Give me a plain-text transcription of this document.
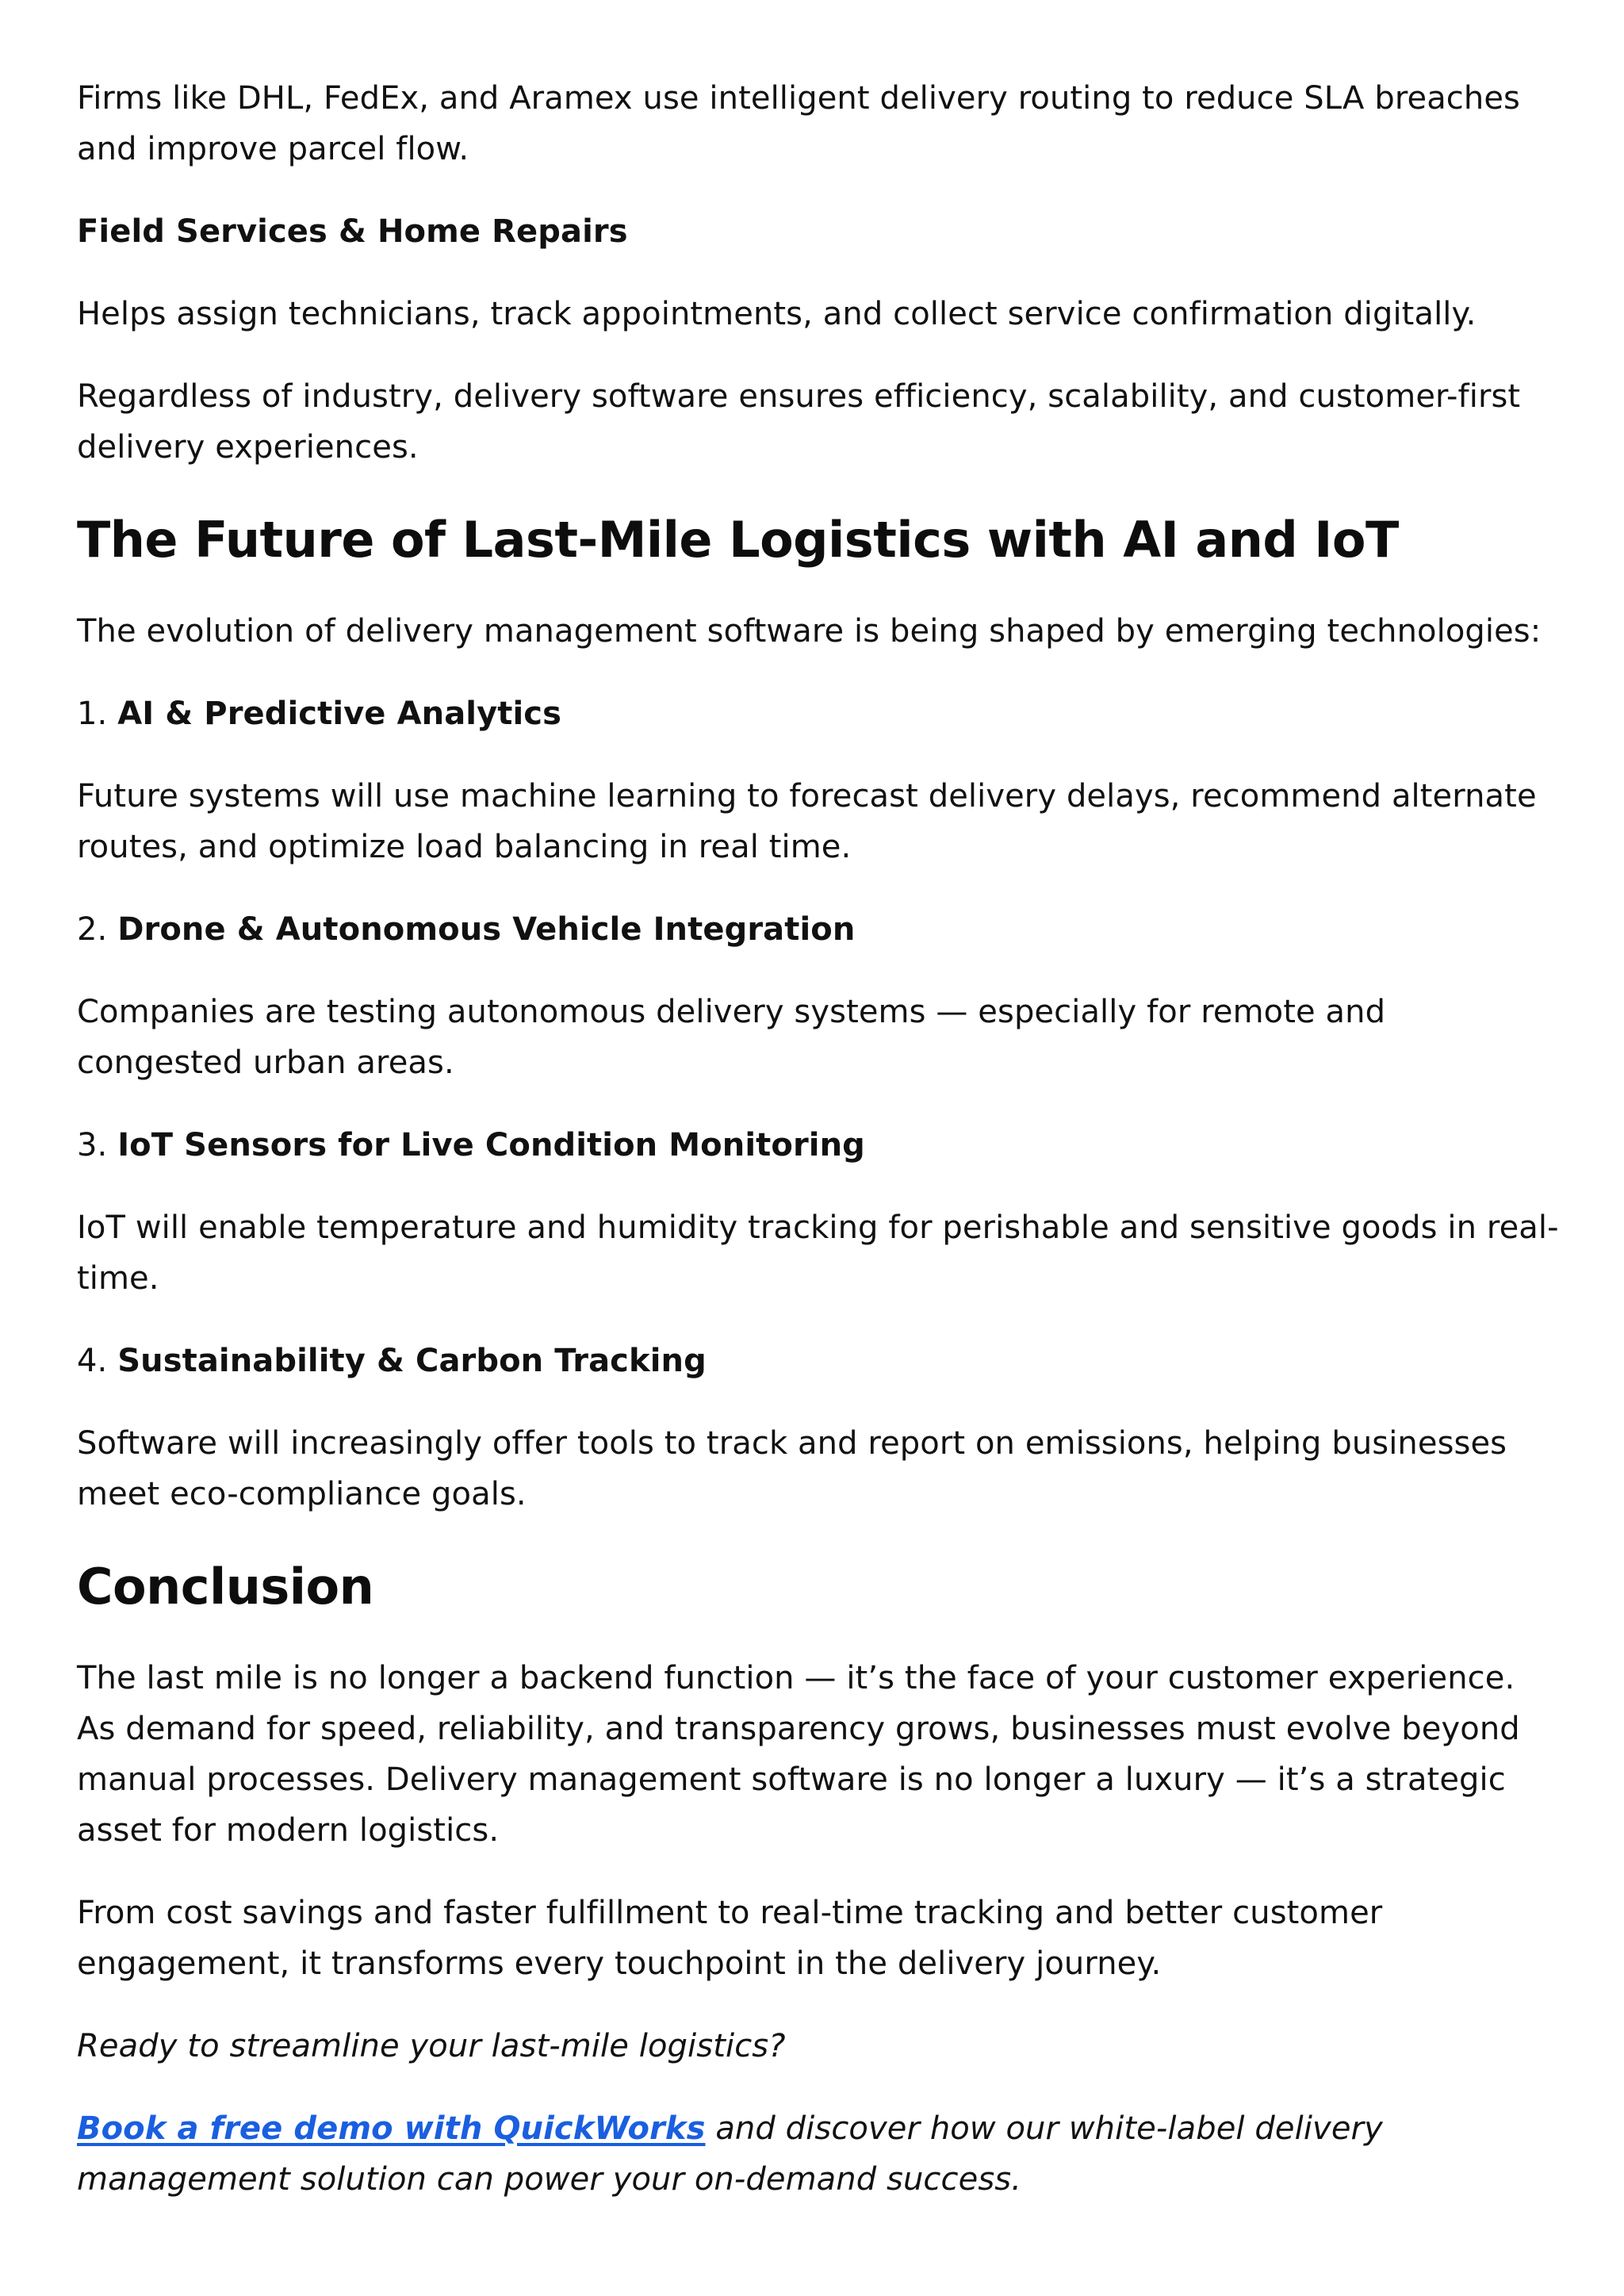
Firms like DHL, FedEx, and Aramex use intelligent delivery routing to reduce SLA breaches and improve parcel flow.

Field Services & Home Repairs

Helps assign technicians, track appointments, and collect service confirmation digitally.

Regardless of industry, delivery software ensures efficiency, scalability, and customer-first delivery experiences.

The Future of Last-Mile Logistics with AI and IoT

The evolution of delivery management software is being shaped by emerging technologies:

1. AI & Predictive Analytics

Future systems will use machine learning to forecast delivery delays, recommend alternate routes, and optimize load balancing in real time.

2. Drone & Autonomous Vehicle Integration

Companies are testing autonomous delivery systems — especially for remote and congested urban areas.

3. IoT Sensors for Live Condition Monitoring

IoT will enable temperature and humidity tracking for perishable and sensitive goods in real-time.

4. Sustainability & Carbon Tracking

Software will increasingly offer tools to track and report on emissions, helping businesses meet eco-compliance goals.

Conclusion

The last mile is no longer a backend function — it’s the face of your customer experience. As demand for speed, reliability, and transparency grows, businesses must evolve beyond manual processes. Delivery management software is no longer a luxury — it’s a strategic asset for modern logistics.

From cost savings and faster fulfillment to real-time tracking and better customer engagement, it transforms every touchpoint in the delivery journey.

Ready to streamline your last-mile logistics?

Book a free demo with QuickWorks and discover how our white-label delivery management solution can power your on-demand success.
